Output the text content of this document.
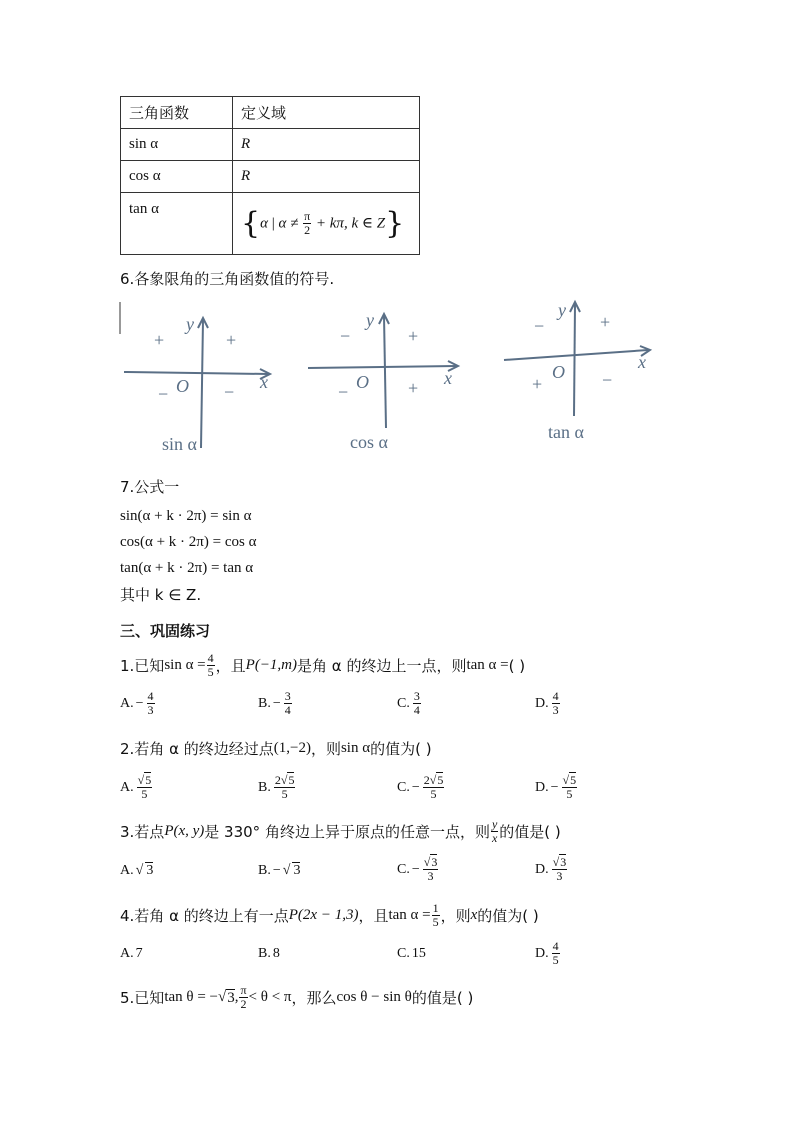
三角函数	定义域
sin α	R
cos α	R
tan α	{α | $\alpha \ne \frac{\pi}{2} + k\pi$, k ∈ Z}
6.各象限角的三角函数值的符号.
y
x
O
+	+
−	−
sin α
y
x
O
−	+
−	+
cos α
y
x
O
−	+
+	−
tan α
7.公式一
sin(α + k · 2π) = sin α
cos(α + k · 2π) = cos α
tan(α + k · 2π) = tan α
其中 k ∈ Z.
三、巩固练习
1.已知 $\sin \alpha = \frac{4}{5}$ ，且 P(−1,m) 是角 α 的终边上一点，则 tan α = ( )
A. − $\frac{4}{3}$	B. − $\frac{3}{4}$	C. $\frac{3}{4}$	D. $\frac{4}{3}$
2.若角 α 的终边经过点 (1,−2) ，则 sin α 的值为( )
A. $\frac{√5}{5}$	B. $\frac{2√5}{5}$	C. − $\frac{2√5}{5}$	D. − $\frac{√5}{5}$
3.若点 P(x, y) 是 330° 角终边上异于原点的任意一点，则 $\frac{y}{x}$ 的值是( )
A. √ 3	B. − √ 3	C. − $\frac{√3}{3}$	D. $\frac{√3}{3}$
4.若角 α 的终边上有一点 P(2x − 1,3) ，且 $\tan \alpha = \frac{1}{5}$ ，则 x 的值为( )
A. 7	B. 8	C. 15	D. $\frac{4}{5}$
5.已知 tan θ = − √ 3 , $\frac{\pi}{2} < \theta < \pi$ ，那么 cos θ − sin θ 的值是( )
